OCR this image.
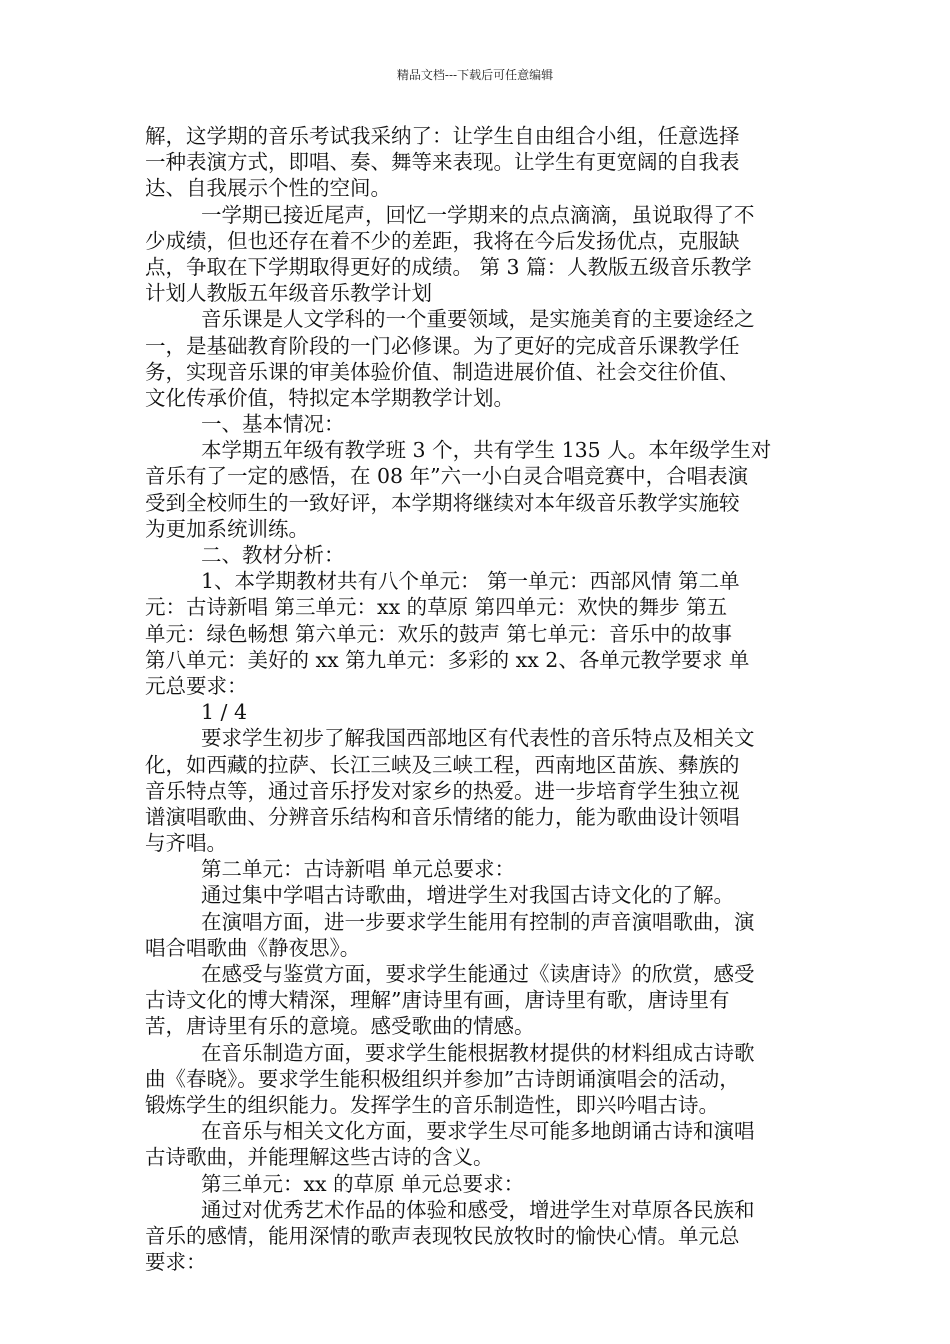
精品文档---下载后可任意编辑
解，这学期的音乐考试我采纳了：让学生自由组合小组，任意选择
一种表演方式，即唱、奏、舞等来表现。让学生有更宽阔的自我表
达、自我展示个性的空间。
一学期已接近尾声，回忆一学期来的点点滴滴，虽说取得了不
少成绩，但也还存在着不少的差距，我将在今后发扬优点，克服缺
点，争取在下学期取得更好的成绩。 第 3 篇：人教版五级音乐教学
计划人教版五年级音乐教学计划
音乐课是人文学科的一个重要领域，是实施美育的主要途经之
一，是基础教育阶段的一门必修课。为了更好的完成音乐课教学任
务，实现音乐课的审美体验价值、制造进展价值、社会交往价值、
文化传承价值，特拟定本学期教学计划。
一、基本情况：
本学期五年级有教学班 3 个，共有学生 135 人。本年级学生对
音乐有了一定的感悟，在 08 年”六一小白灵合唱竞赛中，合唱表演
受到全校师生的一致好评，本学期将继续对本年级音乐教学实施较
为更加系统训练。
二、教材分析：
1、本学期教材共有八个单元： 第一单元：西部风情 第二单
元：古诗新唱 第三单元：xx 的草原 第四单元：欢快的舞步 第五
单元：绿色畅想 第六单元：欢乐的鼓声 第七单元：音乐中的故事
第八单元：美好的 xx 第九单元：多彩的 xx 2、各单元教学要求 单
元总要求：
1 / 4
要求学生初步了解我国西部地区有代表性的音乐特点及相关文
化，如西藏的拉萨、长江三峡及三峡工程，西南地区苗族、彝族的
音乐特点等，通过音乐抒发对家乡的热爱。进一步培育学生独立视
谱演唱歌曲、分辨音乐结构和音乐情绪的能力，能为歌曲设计领唱
与齐唱。
第二单元：古诗新唱 单元总要求：
通过集中学唱古诗歌曲，增进学生对我国古诗文化的了解。
在演唱方面，进一步要求学生能用有控制的声音演唱歌曲，演
唱合唱歌曲《静夜思》。
在感受与鉴赏方面，要求学生能通过《读唐诗》的欣赏，感受
古诗文化的博大精深，理解”唐诗里有画，唐诗里有歌，唐诗里有
苦，唐诗里有乐的意境。感受歌曲的情感。
在音乐制造方面，要求学生能根据教材提供的材料组成古诗歌
曲《春晓》。要求学生能积极组织并参加”古诗朗诵演唱会的活动，
锻炼学生的组织能力。发挥学生的音乐制造性，即兴吟唱古诗。
在音乐与相关文化方面，要求学生尽可能多地朗诵古诗和演唱
古诗歌曲，并能理解这些古诗的含义。
第三单元：xx 的草原 单元总要求：
通过对优秀艺术作品的体验和感受，增进学生对草原各民族和
音乐的感情，能用深情的歌声表现牧民放牧时的愉快心情。单元总
要求：
